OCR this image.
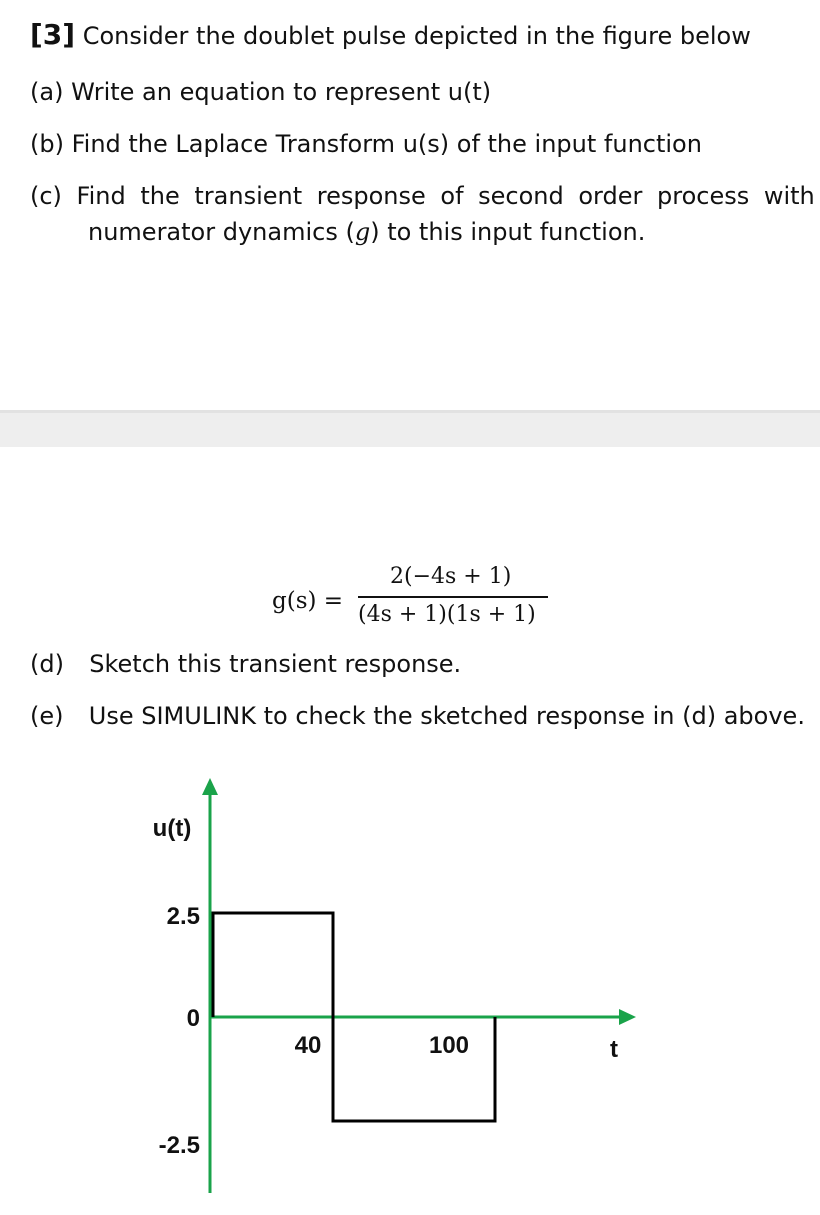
[3] Consider the doublet pulse depicted in the figure below
(a) Write an equation to represent u(t)
(b) Find the Laplace Transform u(s) of the input function
(c) Find the transient response of second order process with
numerator dynamics (g) to this input function.
g(s) =
2(−4s + 1)
(4s + 1)(1s + 1)
(d) Sketch this transient response.
(e) Use SIMULINK to check the sketched response in (d) above.
u(t)
2.5
0
-2.5
40	100	t
